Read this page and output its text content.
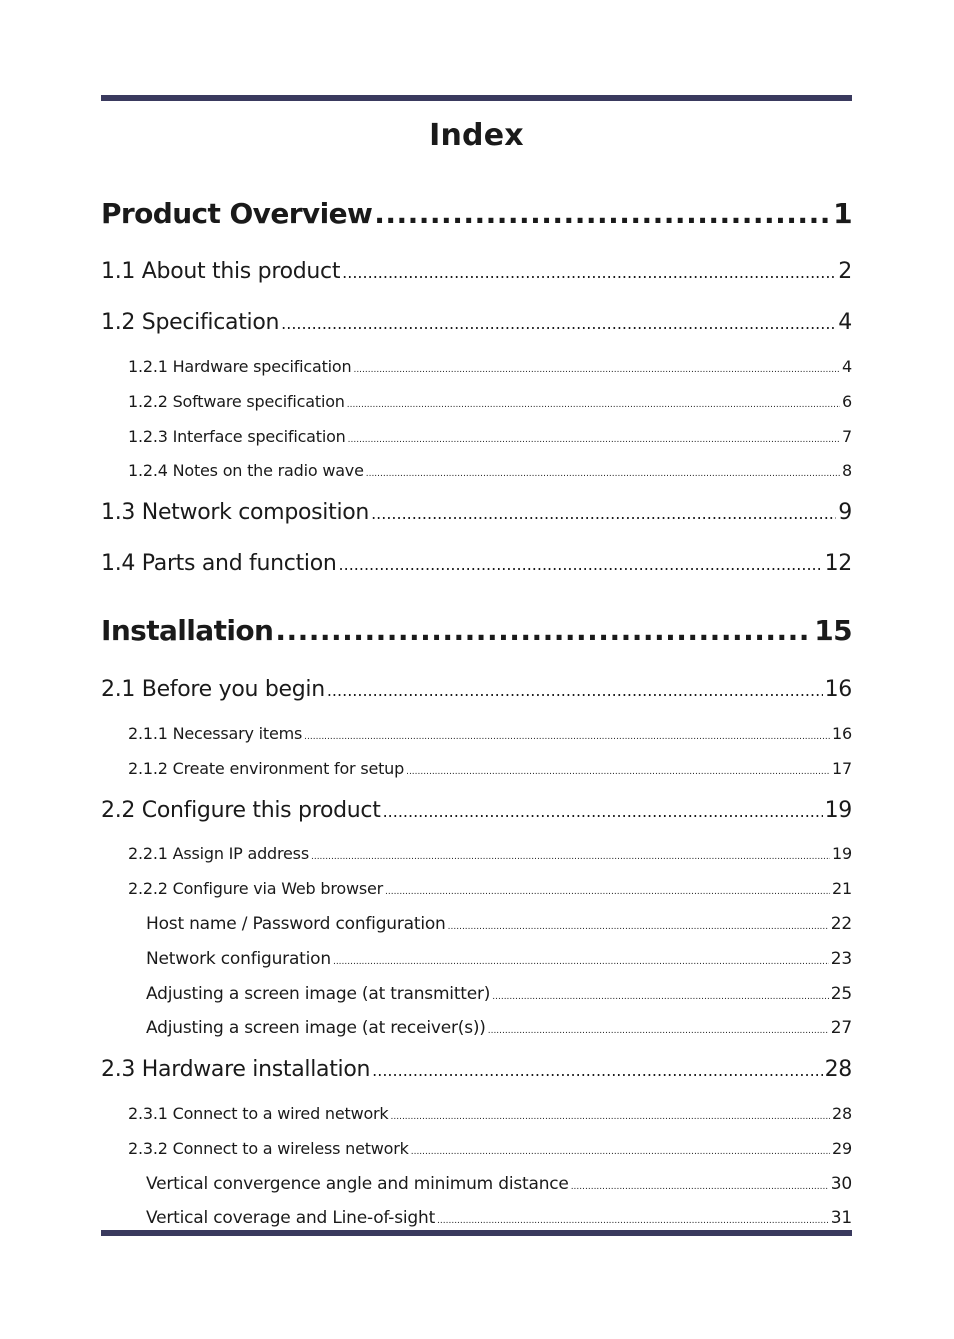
Index
Product Overview .....	1
1.1 About this product .....	2
1.2 Specification .....	4
1.2.1 Hardware specification .....	4
1.2.2 Software specification .....	6
1.2.3 Interface specification .....	7
1.2.4 Notes on the radio wave .....	8
1.3 Network composition .....	9
1.4 Parts and function .....	12
Installation .....	15
2.1 Before you begin .....	16
2.1.1 Necessary items .....	16
2.1.2 Create environment for setup .....	17
2.2 Configure this product .....	19
2.2.1 Assign IP address .....	19
2.2.2 Configure via Web browser .....	21
Host name / Password configuration .....	22
Network configuration .....	23
Adjusting a screen image (at transmitter) .....	25
Adjusting a screen image (at receiver(s)) .....	27
2.3 Hardware installation .....	28
2.3.1 Connect to a wired network .....	28
2.3.2 Connect to a wireless network .....	29
Vertical convergence angle and minimum distance .....	30
Vertical coverage and Line-of-sight .....	31
